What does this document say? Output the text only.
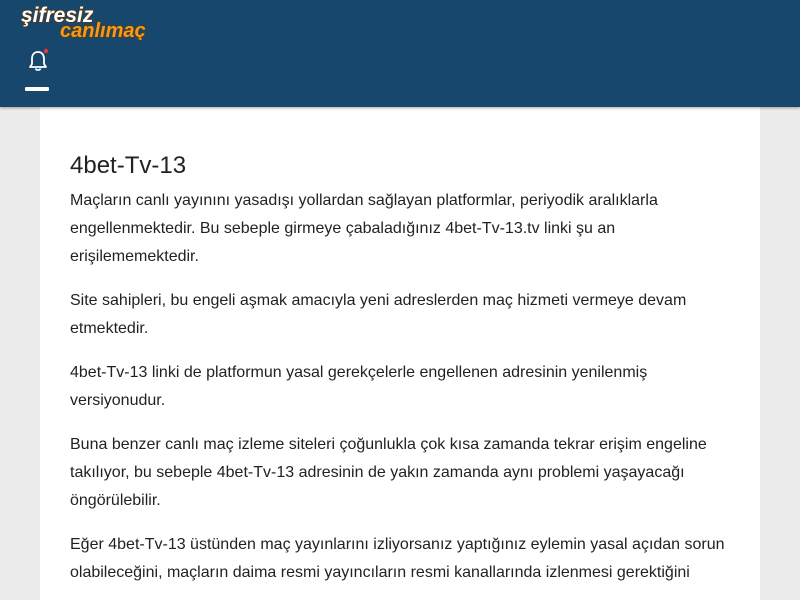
şifresiz
canlımaç
4bet-Tv-13

Maçların canlı yayınını yasadışı yollardan sağlayan platformlar, periyodik aralıklarla engellenmektedir. Bu sebeple girmeye çabaladığınız 4bet-Tv-13.tv linki şu an erişilememektedir.

Site sahipleri, bu engeli aşmak amacıyla yeni adreslerden maç hizmeti vermeye devam etmektedir.

4bet-Tv-13 linki de platformun yasal gerekçelerle engellenen adresinin yenilenmiş versiyonudur.

Buna benzer canlı maç izleme siteleri çoğunlukla çok kısa zamanda tekrar erişim engeline takılıyor, bu sebeple 4bet-Tv-13 adresinin de yakın zamanda aynı problemi yaşayacağı öngörülebilir.

Eğer 4bet-Tv-13 üstünden maç yayınlarını izliyorsanız yaptığınız eylemin yasal açıdan sorun olabileceğini, maçların daima resmi yayıncıların resmi kanallarında izlenmesi gerektiğini
